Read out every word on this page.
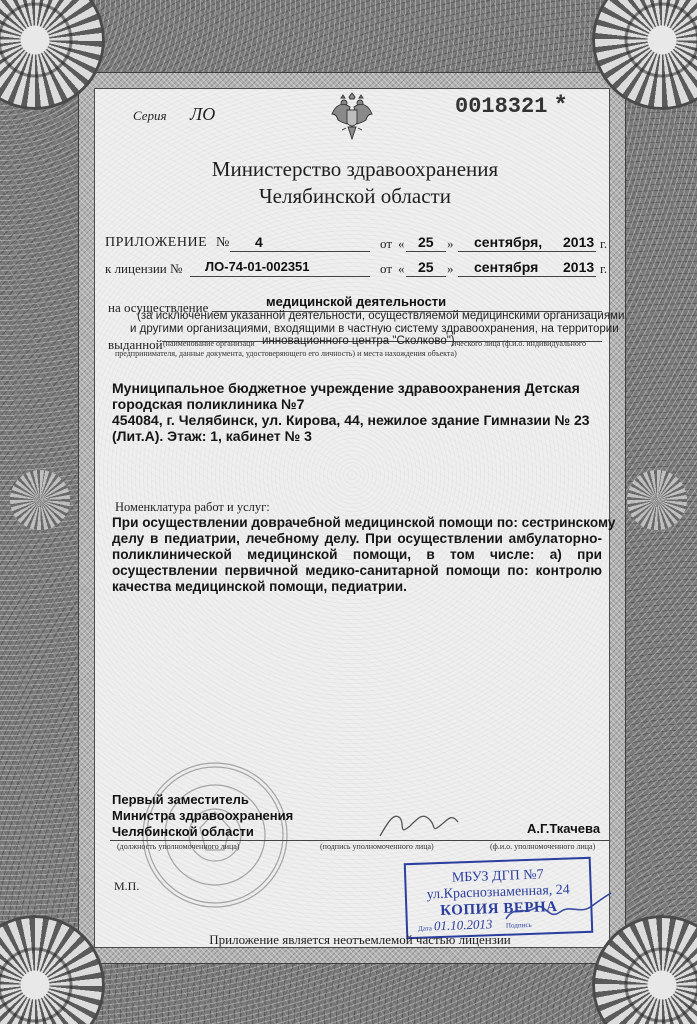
Серия ЛО	0018321 *
Министерство здравоохранения
Челябинской области
ПРИЛОЖЕНИЕ № 4	от « 25 » сентября, 2013 г.
к лицензии № ЛО-74-01-002351	от « 25 » сентября 2013 г.
на осуществление	медицинской деятельности
(за исключением указанной деятельности, осуществляемой медицинскими организациями
и другими организациями, входящими в частную систему здравоохранения, на территории
выданной (наименование организаци	ического лица (ф.и.о. индивидуального
инновационного центра "Сколково")
предпринимателя, данные документа, удостоверяющего его личность) и места нахождения объекта)
Муниципальное бюджетное учреждение здравоохранения Детская
городская поликлиника №7
454084, г. Челябинск, ул. Кирова, 44, нежилое здание Гимназии № 23
(Лит.А). Этаж: 1, кабинет № 3
Номенклатура работ и услуг:
При осуществлении доврачебной медицинской помощи по: сестринскому
делу в педиатрии, лечебному делу. При осуществлении амбулаторно-
поликлинической медицинской помощи, в том числе: а) при
осуществлении первичной медико-санитарной помощи по: контролю
качества медицинской помощи, педиатрии.
Первый заместитель
Министра здравоохранения
Челябинской области	А.Г.Ткачева
(должность уполномоченного лица)	(подпись уполномоченного лица)	(ф.и.о. уполномоченного лица)
М.П.
МБУЗ ДГП №7
ул.Краснознаменная, 24
КОПИЯ ВЕРНА
Дата 01.10.2013 Подпись
Приложение является неотъемлемой частью лицензии
